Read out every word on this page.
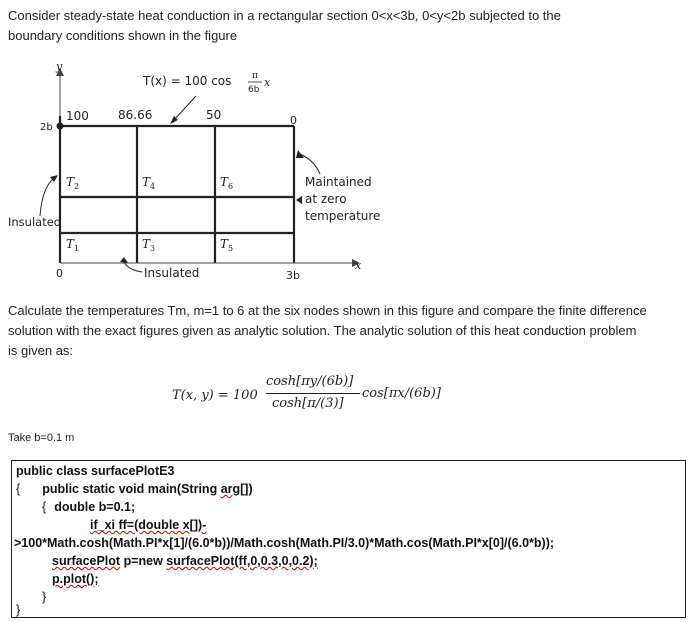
Consider steady-state heat conduction in a rectangular section 0<x<3b, 0<y<2b subjected to the boundary conditions shown in the figure

y
x
2b
T(x) = 100 cos π
6b
x
100 86.66	50	0
$T_2$	$T_4$	$T_6$
$T_1$	$T_3$	$T_5$
Insulated
0	Insulated	3b
Maintained
at zero
temperature

Calculate the temperatures Tm, m=1 to 6 at the six nodes shown in this figure and compare the finite difference solution with the exact figures given as analytic solution. The analytic solution of this heat conduction problem is given as:

T(x, y) = 100
cosh[πy/(6b)]
cosh[π/(3)]
cos[πx/(6b)]
Take b=0.1 m
public class surfacePlotE3
{ public static void main(String arg[])
{ double b=0.1;
if_xi ff=(double x[])-
>100*Math.cosh(Math.PI*x[1]/(6.0*b))/Math.cosh(Math.PI/3.0)*Math.cos(Math.PI*x[0]/(6.0*b));
surfacePlot p=new surfacePlot(ff,0,0.3,0,0.2);
p.plot();
}
}
